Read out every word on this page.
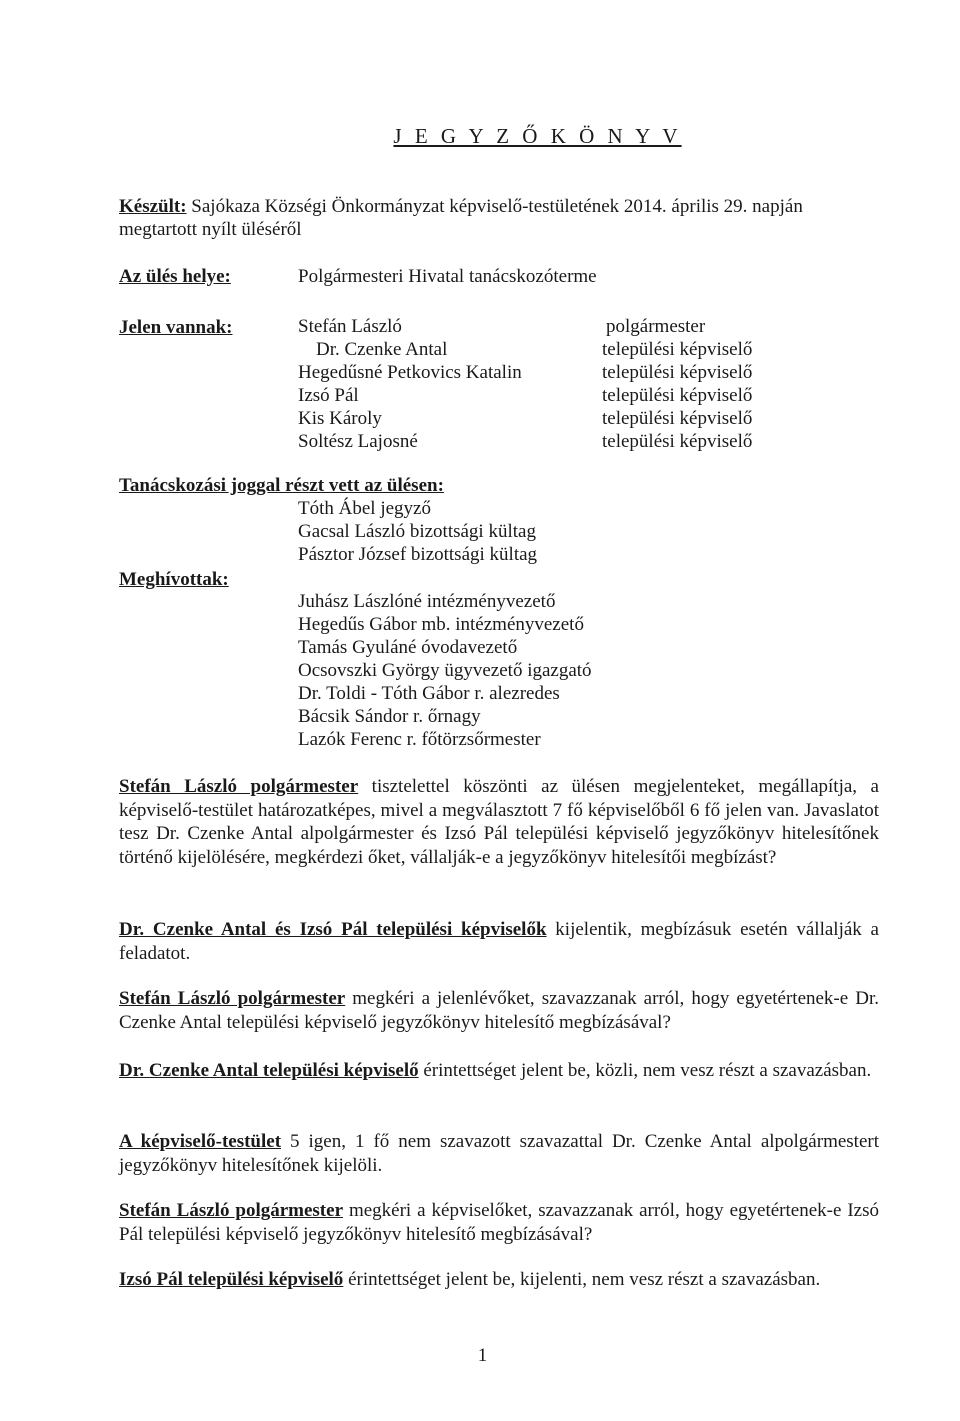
J E G Y Z Ő K Ö N Y V
Készült: Sajókaza Községi Önkormányzat képviselő-testületének 2014. április 29. napján megtartott nyílt üléséről
Az ülés helye:	Polgármesteri Hivatal tanácskozóterme
Jelen vannak:	Stefán László
Dr. Czenke Antal
Hegedűsné Petkovics Katalin
Izsó Pál
Kis Károly
Soltész Lajosné
polgármester
települési képviselő
települési képviselő
települési képviselő
települési képviselő
települési képviselő
Tanácskozási joggal részt vett az ülésen:
Tóth Ábel jegyző
Gacsal László bizottsági kültag
Pásztor József bizottsági kültag
Meghívottak:
Juhász Lászlóné intézményvezető
Hegedűs Gábor mb. intézményvezető
Tamás Gyuláné óvodavezető
Ocsovszki György ügyvezető igazgató
Dr. Toldi - Tóth Gábor r. alezredes
Bácsik Sándor r. őrnagy
Lazók Ferenc r. főtörzsőrmester
Stefán László polgármester tisztelettel köszönti az ülésen megjelenteket, megállapítja, a képviselő-testület határozatképes, mivel a megválasztott 7 fő képviselőből 6 fő jelen van. Javaslatot tesz Dr. Czenke Antal alpolgármester és Izsó Pál települési képviselő jegyzőkönyv hitelesítőnek történő kijelölésére, megkérdezi őket, vállalják-e a jegyzőkönyv hitelesítői megbízást?
Dr. Czenke Antal és Izsó Pál települési képviselők kijelentik, megbízásuk esetén vállalják a feladatot.
Stefán László polgármester megkéri a jelenlévőket, szavazzanak arról, hogy egyetértenek-e Dr. Czenke Antal települési képviselő jegyzőkönyv hitelesítő megbízásával?
Dr. Czenke Antal települési képviselő érintettséget jelent be, közli, nem vesz részt a szavazásban.
A képviselő-testület 5 igen, 1 fő nem szavazott szavazattal Dr. Czenke Antal alpolgármestert jegyzőkönyv hitelesítőnek kijelöli.
Stefán László polgármester megkéri a képviselőket, szavazzanak arról, hogy egyetértenek-e Izsó Pál települési képviselő jegyzőkönyv hitelesítő megbízásával?
Izsó Pál települési képviselő érintettséget jelent be, kijelenti, nem vesz részt a szavazásban.
1
